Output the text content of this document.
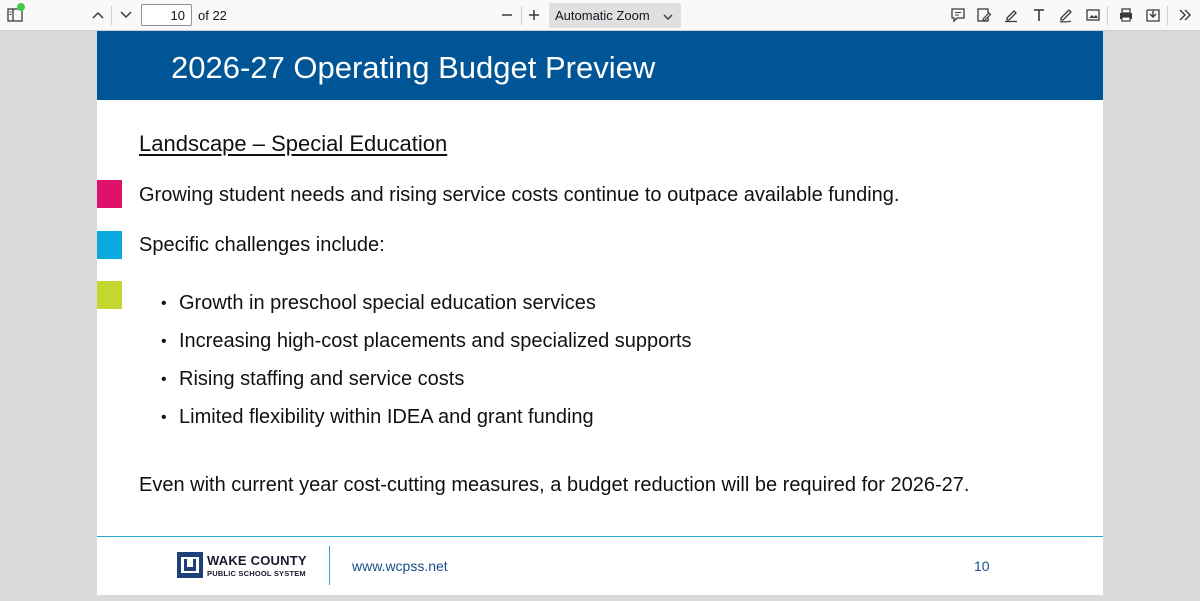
10
of 22	Automatic Zoom
2026-27 Operating Budget Preview
Landscape – Special Education
Growing student needs and rising service costs continue to outpace available funding.
Specific challenges include:
• Growth in preschool special education services
• Increasing high-cost placements and specialized supports
• Rising staffing and service costs
• Limited flexibility within IDEA and grant funding
Even with current year cost-cutting measures, a budget reduction will be required for 2026-27.
WAKE COUNTY
PUBLIC SCHOOL SYSTEM	www.wcpss.net	10
